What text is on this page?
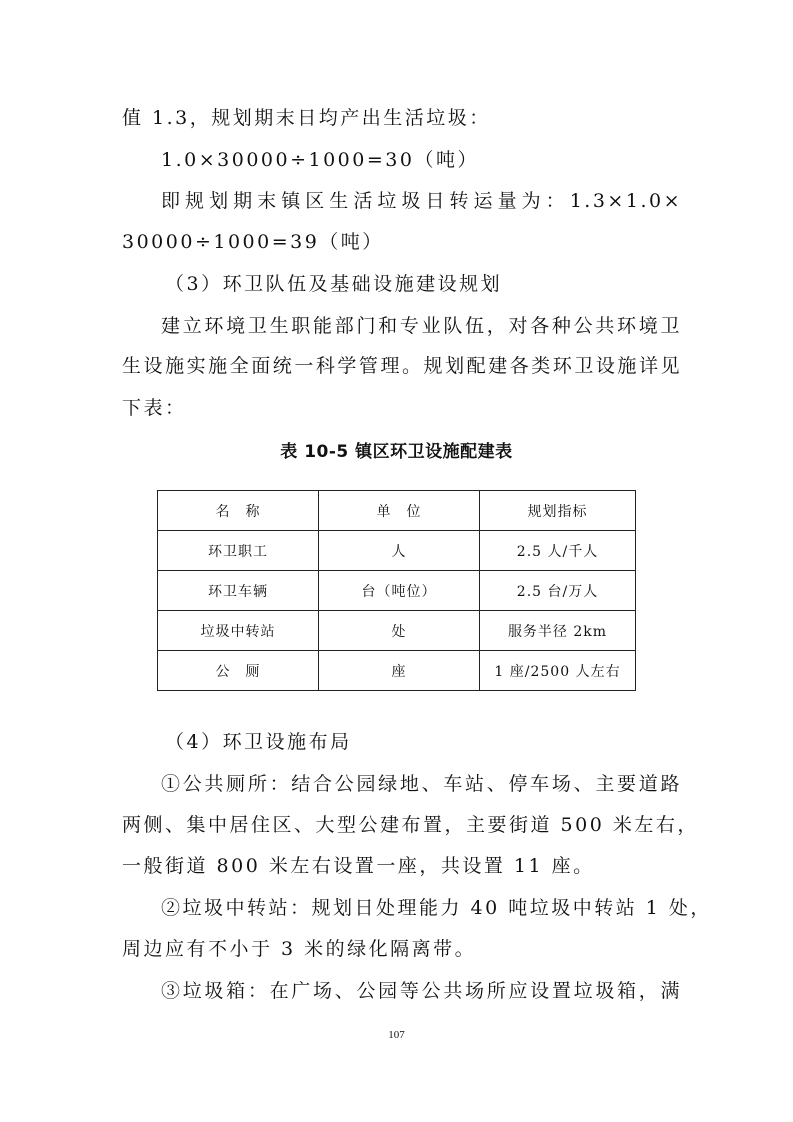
值 1.3，规划期末日均产出生活垃圾：
1.0×30000÷1000=30（吨）
即规划期末镇区生活垃圾日转运量为：1.3×1.0×
30000÷1000=39（吨）
（3）环卫队伍及基础设施建设规划
建立环境卫生职能部门和专业队伍，对各种公共环境卫
生设施实施全面统一科学管理。规划配建各类环卫设施详见
下表：
表 10-5 镇区环卫设施配建表
名　称	单　位	规划指标
环卫职工	人	2.5 人/千人
环卫车辆	台（吨位）	2.5 台/万人
垃圾中转站	处	服务半径 2km
公　厕	座	1 座/2500 人左右
（4）环卫设施布局
①公共厕所：结合公园绿地、车站、停车场、主要道路
两侧、集中居住区、大型公建布置，主要街道 500 米左右，
一般街道 800 米左右设置一座，共设置 11 座。
②垃圾中转站：规划日处理能力 40 吨垃圾中转站 1 处，
周边应有不小于 3 米的绿化隔离带。
③垃圾箱：在广场、公园等公共场所应设置垃圾箱，满
107
